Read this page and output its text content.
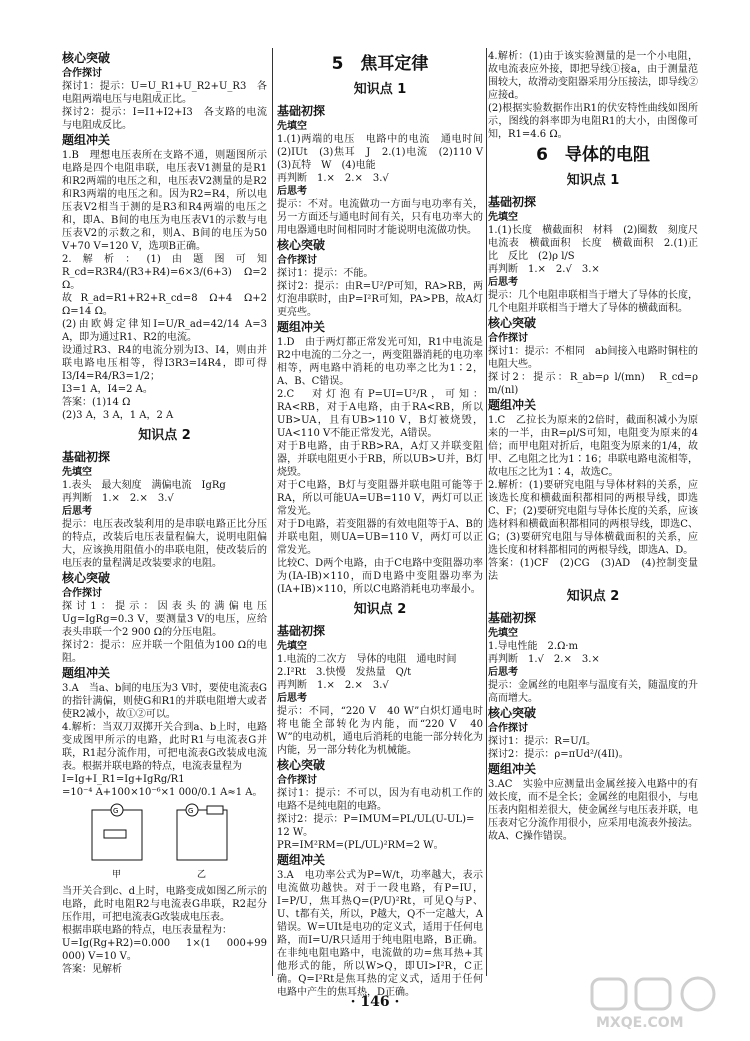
核心突破
合作探讨

探讨1：提示：U=U_R1+U_R2+U_R3　各电阻两端电压与电阻成正比。

探讨2：提示：I=I1+I2+I3　各支路的电流与电阻成反比。

题组冲关

1.B　理想电压表所在支路不通，则题图所示电路是四个电阻串联，电压表V1测量的是R1和R2两端的电压之和，电压表V2测量的是R2和R3两端的电压之和。因为R2=R4，所以电压表V2相当于测的是R3和R4两端的电压之和，即A、B间的电压为电压表V1的示数与电压表V2的示数之和，则A、B间的电压为50 V+70 V=120 V，选项B正确。

2.解析：(1)由题图可知R_cd=R3R4/(R3+R4)=6×3/(6+3) Ω=2 Ω。

故R_ad=R1+R2+R_cd=8 Ω+4 Ω+2 Ω=14 Ω。

(2)由欧姆定律知I=U/R_ad=42/14 A=3 A，即为通过R1、R2的电流。

设通过R3、R4的电流分别为I3、I4，则由并联电路电压相等，得I3R3=I4R4，即可得I3/I4=R4/R3=1/2；

I3=1 A，I4=2 A。

答案：(1)14 Ω

(2)3 A，3 A，1 A，2 A

知识点 2
基础初探
先填空

1.表头　最大刻度　满偏电流　IgRg

再判断　1.×　2.×　3.√

后思考

提示：电压表改装利用的是串联电路正比分压的特点，改装后电压表量程偏大，说明电阻偏大，应该换用阻值小的串联电阻，使改装后的电压表的量程满足改装要求的电阻。

核心突破
合作探讨

探讨1：提示：因表头的满偏电压Ug=IgRg=0.3 V，要测量3 V的电压，应给表头串联一个2 900 Ω的分压电阻。

探讨2：提示：应并联一个阻值为100 Ω的电阻。

题组冲关

3.A　当a、b间的电压为3 V时，要使电流表G的指针满偏，则使G和R1的并联电阻增大或者使R2减小，故①②可以。

4.解析：当双刀双掷开关合到a、b上时，电路变成图甲所示的电路，此时R1与电流表G并联，R1起分流作用，可把电流表G改装成电流表。根据并联电路的特点，电流表量程为

I=Ig+I_R1=Ig+IgRg/R1

=10⁻⁴ A+100×10⁻⁶×1 000/0.1 A≈1 A。

G	G
甲	乙

当开关合到c、d上时，电路变成如图乙所示的电路，此时电阻R2与电流表G串联，R2起分压作用，可把电流表G改装成电压表。

根据串联电路的特点，电压表量程为：

U=Ig(Rg+R2)=0.000 1×(1 000+99 000) V=10 V。

答案：见解析

5　焦耳定律
知识点 1
基础初探
先填空

1.(1)两端的电压　电路中的电流　通电时间　(2)IUt　(3)焦耳　J　2.(1)电流　(2)110 V　(3)瓦特　W　(4)电能

再判断　1.×　2.×　3.√

后思考

提示：不对。电流做功一方面与电功率有关，另一方面还与通电时间有关，只有电功率大的用电器通电时间相同时才能说明电流做功快。

核心突破
合作探讨

探讨1：提示：不能。

探讨2：提示：由R=U²/P可知，RA>RB，两灯泡串联时，由P=I²R可知，PA>PB，故A灯更亮些。

题组冲关

1.D　由于两灯都正常发光可知，R1中电流是R2中电流的二分之一，两变阻器消耗的电功率相等，两电路中消耗的电功率之比为1∶2，A、B、C错误。

2.C　对灯泡有P=UI=U²/R，可知：RA<RB，对于A电路，由于RA<RB，所以UB>UA，且有UB>110 V，B灯被烧毁，UA<110 V不能正常发光，A错误。

对于B电路，由于RB>RA，A灯又并联变阻器，并联电阻更小于RB，所以UB>U并，B灯烧毁。

对于C电路，B灯与变阻器并联电阻可能等于RA，所以可能UA=UB=110 V，两灯可以正常发光。

对于D电路，若变阻器的有效电阻等于A、B的并联电阻，则UA=UB=110 V，两灯可以正常发光。

比较C、D两个电路，由于C电路中变阻器功率为(IA-IB)×110，而D电路中变阻器功率为(IA+IB)×110，所以C电路消耗电功率最小。

知识点 2
基础初探
先填空

1.电流的二次方　导体的电阻　通电时间

2.I²Rt　3.快慢　发热量　Q/t

再判断　1.×　2.×　3.√

后思考

提示：不同，“220 V　40 W”白炽灯通电时将电能全部转化为内能，而“220 V　40 W”的电动机，通电后消耗的电能一部分转化为内能，另一部分转化为机械能。

核心突破
合作探讨

探讨1：提示：不可以，因为有电动机工作的电路不是纯电阻的电路。

探讨2：提示：P=IMUM=PL/UL(U-UL)=

12 W。

PR=IM²RM=(PL/UL)²RM=2 W。

题组冲关

3.A　电功率公式为P=W/t，功率越大，表示电流做功越快。对于一段电路，有P=IU，I=P/U，焦耳热Q=(P/U)²Rt，可见Q与P、U、t都有关，所以，P越大，Q不一定越大，A错误。W=UIt是电功的定义式，适用于任何电路，而I=U/R只适用于纯电阻电路，B正确。在非纯电阻电路中，电流做的功=焦耳热+其他形式的能，所以W>Q，即UI>I²R，C正确。Q=I²Rt是焦耳热的定义式，适用于任何电路中产生的焦耳热，D正确。

4.解析：(1)由于该实验测量的是一个小电阻，故电流表应外接，即把导线①接a，由于测量范围较大，故滑动变阻器采用分压接法，即导线②应接d。

(2)根据实验数据作出R1的伏安特性曲线如图所示，图线的斜率即为电阻R1的大小，由图像可知，R1=4.6 Ω。

6　导体的电阻
知识点 1
基础初探
先填空

1.(1)长度　横截面积　材料　(2)圈数　刻度尺　电流表　横截面积　长度　横截面积　2.(1)正比　反比　(2)ρ l/S

再判断　1.×　2.√　3.×

后思考

提示：几个电阻串联相当于增大了导体的长度，几个电阻并联相当于增大了导体的横截面积。

核心突破
合作探讨

探讨1：提示：不相同　ab间接入电路时铜柱的电阻大些。

探讨2：提示：R_ab=ρ l/(mn)　R_cd=ρ m/(nl)

题组冲关

1.C　乙拉长为原来的2倍时，截面积减小为原来的一半，由R=ρl/S可知，电阻变为原来的4倍；而甲电阻对折后，电阻变为原来的1/4，故甲、乙电阻之比为1∶16；串联电路电流相等，故电压之比为1∶4，故选C。

2.解析：(1)要研究电阻与导体材料的关系，应该选长度和横截面积都相同的两根导线，即选C、F；(2)要研究电阻与导体长度的关系，应该选材料和横截面积都相同的两根导线，即选C、G；(3)要研究电阻与导体横截面积的关系，应选长度和材料都相同的两根导线，即选A、D。

答案：(1)CF　(2)CG　(3)AD　(4)控制变量法

知识点 2
基础初探
先填空

1.导电性能　2.Ω·m

再判断　1.√　2.×　3.×

后思考

提示：金属丝的电阻率与温度有关，随温度的升高而增大。

核心突破
合作探讨

探讨1：提示：R=U/I。

探讨2：提示：ρ=πUd²/(4Il)。

题组冲关

3.AC　实验中应测量出金属丝接入电路中的有效长度，而不是全长；金属丝的电阻很小，与电压表内阻相差很大，使金属丝与电压表并联，电压表对它分流作用很小，应采用电流表外接法。故A、C操作错误。

· 146 ·
MXQE.COM
